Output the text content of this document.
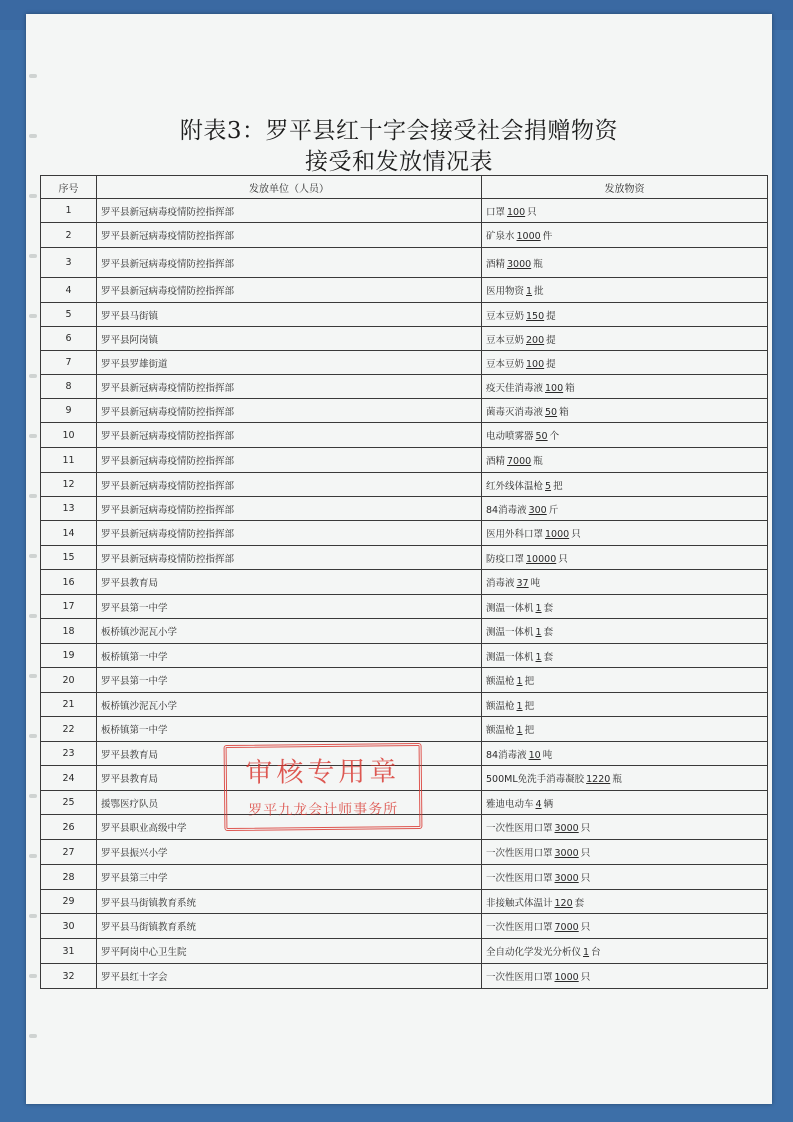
附表3：罗平县红十字会接受社会捐赠物资
接受和发放情况表
序号	发放单位（人员）	发放物资
1	罗平县新冠病毒疫情防控指挥部	口罩 100 只
2	罗平县新冠病毒疫情防控指挥部	矿泉水 1000 件
3	罗平县新冠病毒疫情防控指挥部	酒精 3000 瓶
4	罗平县新冠病毒疫情防控指挥部	医用物资 1 批
5	罗平县马街镇	豆本豆奶 150 提
6	罗平县阿岗镇	豆本豆奶 200 提
7	罗平县罗雄街道	豆本豆奶 100 提
8	罗平县新冠病毒疫情防控指挥部	疫天佳消毒液 100 箱
9	罗平县新冠病毒疫情防控指挥部	菌毒灭消毒液 50 箱
10	罗平县新冠病毒疫情防控指挥部	电动喷雾器 50 个
11	罗平县新冠病毒疫情防控指挥部	酒精 7000 瓶
12	罗平县新冠病毒疫情防控指挥部	红外线体温枪 5 把
13	罗平县新冠病毒疫情防控指挥部	84消毒液 300 斤
14	罗平县新冠病毒疫情防控指挥部	医用外科口罩 1000 只
15	罗平县新冠病毒疫情防控指挥部	防疫口罩 10000 只
16	罗平县教育局	消毒液 37 吨
17	罗平县第一中学	测温一体机 1 套
18	板桥镇沙泥瓦小学	测温一体机 1 套
19	板桥镇第一中学	测温一体机 1 套
20	罗平县第一中学	额温枪 1 把
21	板桥镇沙泥瓦小学	额温枪 1 把
22	板桥镇第一中学	额温枪 1 把
23	罗平县教育局	84消毒液 10 吨
24	罗平县教育局	500ML免洗手消毒凝胶 1220 瓶
25	援鄂医疗队员	雅迪电动车 4 辆
26	罗平县职业高级中学	一次性医用口罩 3000 只
27	罗平县振兴小学	一次性医用口罩 3000 只
28	罗平县第三中学	一次性医用口罩 3000 只
29	罗平县马街镇教育系统	非接触式体温计 120 套
30	罗平县马街镇教育系统	一次性医用口罩 7000 只
31	罗平阿岗中心卫生院	全自动化学发光分析仪 1 台
32	罗平县红十字会	一次性医用口罩 1000 只
审核专用章
罗平九龙会计师事务所
